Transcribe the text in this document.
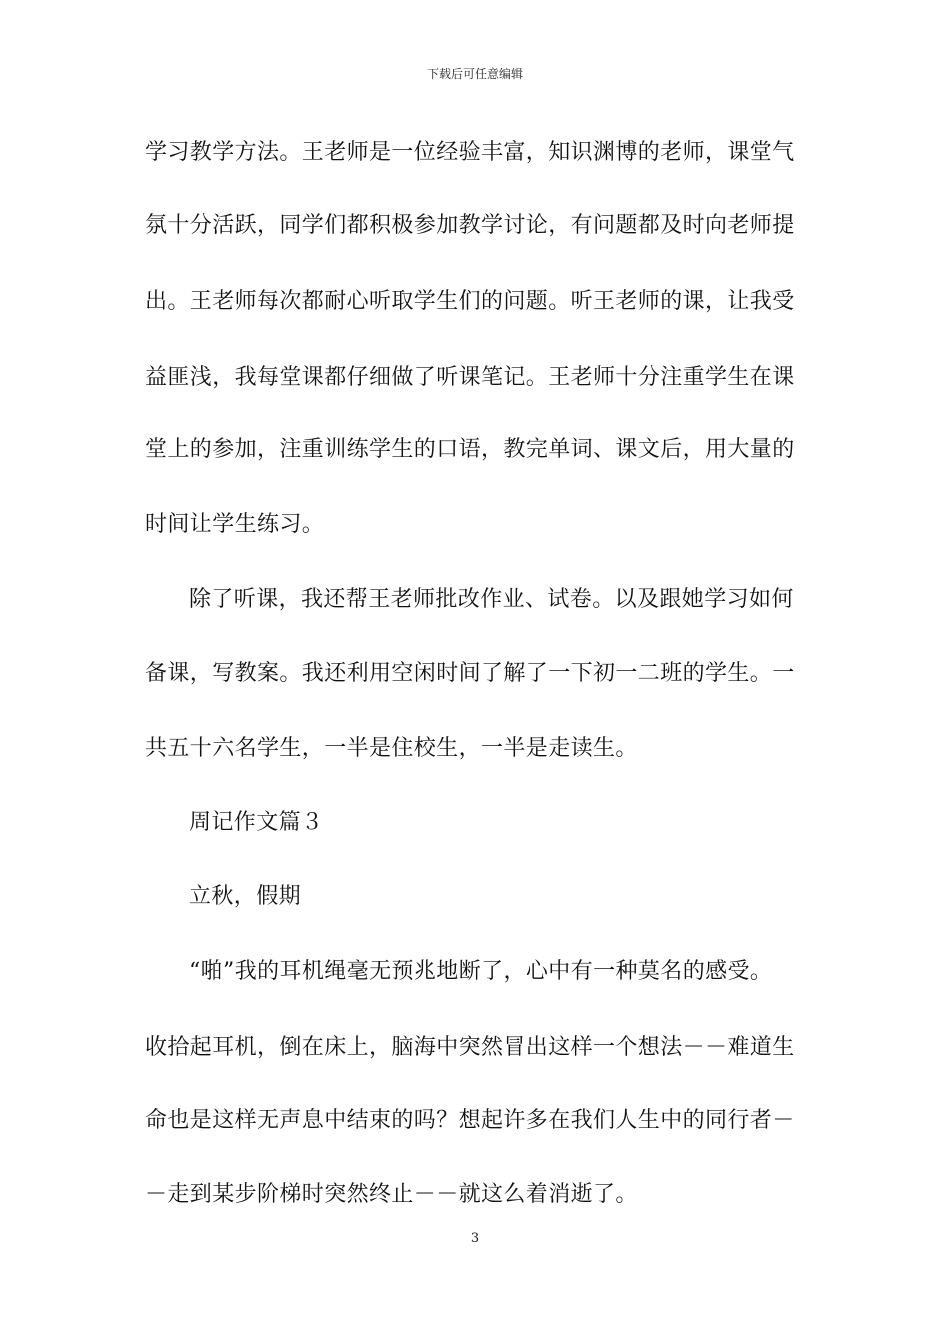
下载后可任意编辑
学习教学方法。王老师是一位经验丰富，知识渊博的老师，课堂气
氛十分活跃，同学们都积极参加教学讨论，有问题都及时向老师提
出。王老师每次都耐心听取学生们的问题。听王老师的课，让我受
益匪浅，我每堂课都仔细做了听课笔记。王老师十分注重学生在课
堂上的参加，注重训练学生的口语，教完单词、课文后，用大量的
时间让学生练习。
除了听课，我还帮王老师批改作业、试卷。以及跟她学习如何
备课，写教案。我还利用空闲时间了解了一下初一二班的学生。一
共五十六名学生，一半是住校生，一半是走读生。
周记作文篇３
立秋，假期
“啪”我的耳机绳毫无预兆地断了，心中有一种莫名的感受。
收拾起耳机，倒在床上，脑海中突然冒出这样一个想法－－难道生
命也是这样无声息中结束的吗？想起许多在我们人生中的同行者－
－走到某步阶梯时突然终止－－就这么着消逝了。
3
